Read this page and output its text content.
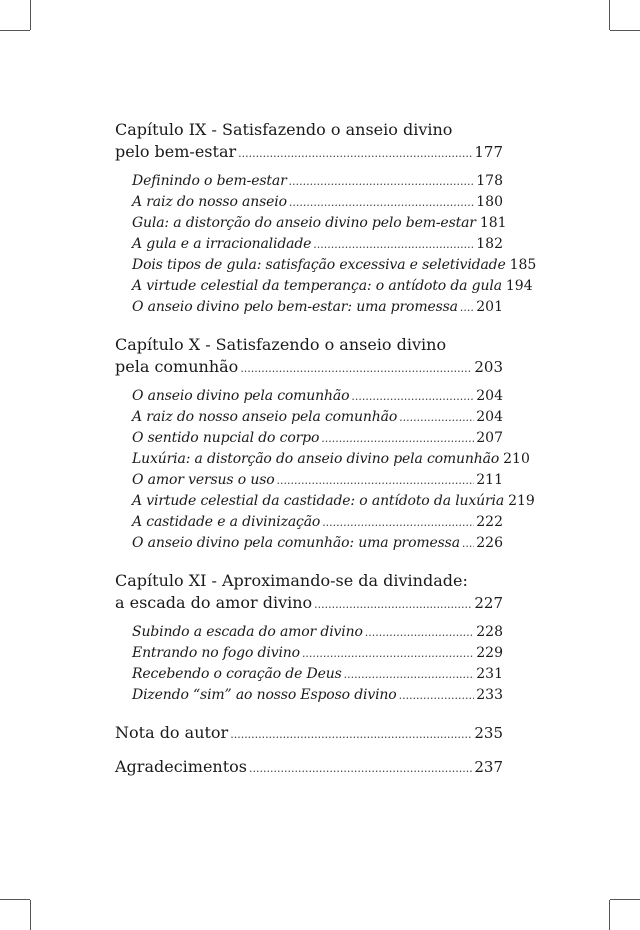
Capítulo IX - Satisfazendo o anseio divino
pelo bem-estar .....	177
Definindo o bem-estar .....	178
A raiz do nosso anseio .....	180
Gula: a distorção do anseio divino pelo bem-estar 181
A gula e a irracionalidade .....	182
Dois tipos de gula: satisfação excessiva e seletividade 185
A virtude celestial da temperança: o antídoto da gula 194
O anseio divino pelo bem-estar: uma promessa ..... 201
Capítulo X - Satisfazendo o anseio divino
pela comunhão .....	203
O anseio divino pela comunhão .....	204
A raiz do nosso anseio pela comunhão .....	204
O sentido nupcial do corpo .....	207
Luxúria: a distorção do anseio divino pela comunhão 210
O amor versus o uso .....	211
A virtude celestial da castidade: o antídoto da luxúria 219
A castidade e a divinização .....	222
O anseio divino pela comunhão: uma promessa ..... 226
Capítulo XI - Aproximando-se da divindade:
a escada do amor divino .....	227
Subindo a escada do amor divino .....	228
Entrando no fogo divino .....	229
Recebendo o coração de Deus .....	231
Dizendo “sim” ao nosso Esposo divino .....	233
Nota do autor .....	235
Agradecimentos .....	237
